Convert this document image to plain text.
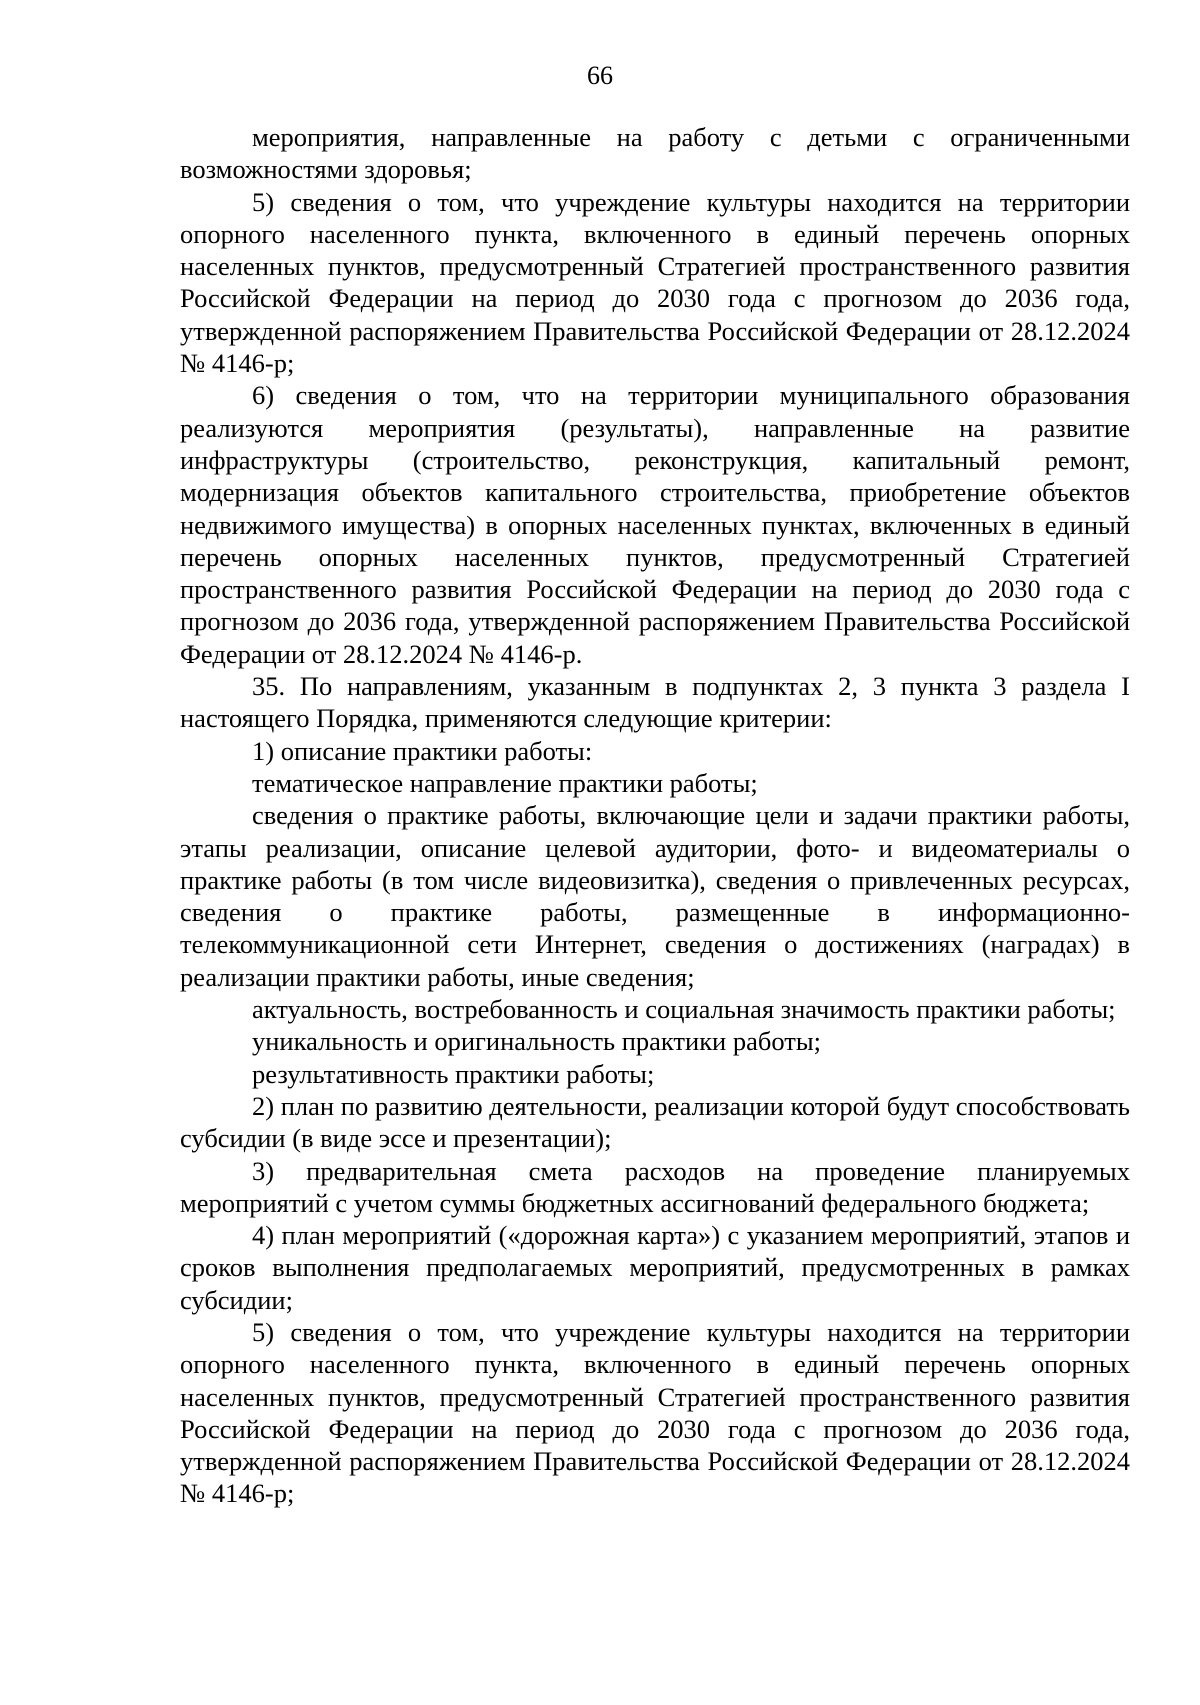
66

мероприятия, направленные на работу с детьми с ограниченными возможностями здоровья;

5) сведения о том, что учреждение культуры находится на территории опорного населенного пункта, включенного в единый перечень опорных населенных пунктов, предусмотренный Стратегией пространственного развития Российской Федерации на период до 2030 года с прогнозом до 2036 года, утвержденной распоряжением Правительства Российской Федерации от 28.12.2024 № 4146-р;

6) сведения о том, что на территории муниципального образования реализуются мероприятия (результаты), направленные на развитие инфраструктуры (строительство, реконструкция, капитальный ремонт, модернизация объектов капитального строительства, приобретение объектов недвижимого имущества) в опорных населенных пунктах, включенных в единый перечень опорных населенных пунктов, предусмотренный Стратегией пространственного развития Российской Федерации на период до 2030 года с прогнозом до 2036 года, утвержденной распоряжением Правительства Российской Федерации от 28.12.2024 № 4146-р.

35. По направлениям, указанным в подпунктах 2, 3 пункта 3 раздела I настоящего Порядка, применяются следующие критерии:

1) описание практики работы:

тематическое направление практики работы;

сведения о практике работы, включающие цели и задачи практики работы, этапы реализации, описание целевой аудитории, фото- и видеоматериалы о практике работы (в том числе видеовизитка), сведения о привлеченных ресурсах, сведения о практике работы, размещенные в информационно-телекоммуникационной сети Интернет, сведения о достижениях (наградах) в реализации практики работы, иные сведения;

актуальность, востребованность и социальная значимость практики работы;

уникальность и оригинальность практики работы;

результативность практики работы;

2) план по развитию деятельности, реализации которой будут способствовать субсидии (в виде эссе и презентации);

3) предварительная смета расходов на проведение планируемых мероприятий с учетом суммы бюджетных ассигнований федерального бюджета;

4) план мероприятий («дорожная карта») с указанием мероприятий, этапов и сроков выполнения предполагаемых мероприятий, предусмотренных в рамках субсидии;

5) сведения о том, что учреждение культуры находится на территории опорного населенного пункта, включенного в единый перечень опорных населенных пунктов, предусмотренный Стратегией пространственного развития Российской Федерации на период до 2030 года с прогнозом до 2036 года, утвержденной распоряжением Правительства Российской Федерации от 28.12.2024 № 4146-р;
